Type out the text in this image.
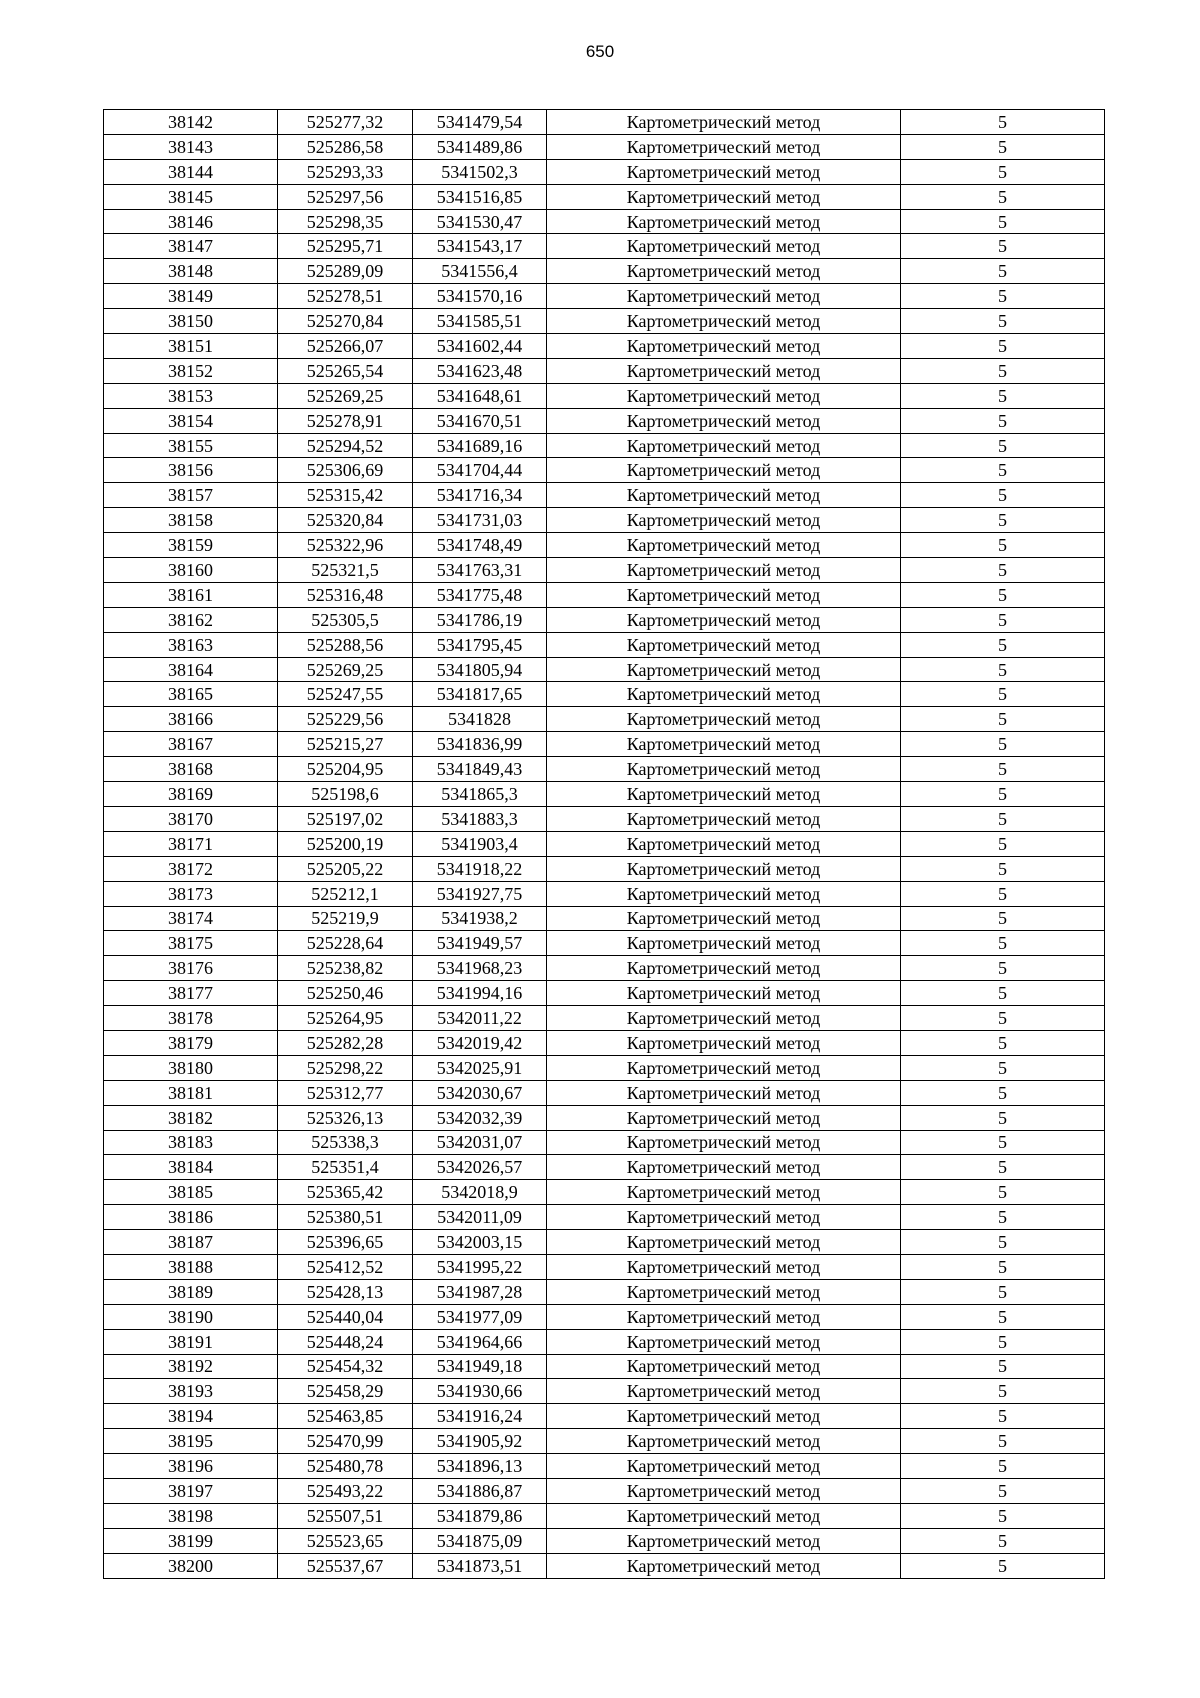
650
38142	525277,32	5341479,54	Картометрический метод	5
38143	525286,58	5341489,86	Картометрический метод	5
38144	525293,33	5341502,3	Картометрический метод	5
38145	525297,56	5341516,85	Картометрический метод	5
38146	525298,35	5341530,47	Картометрический метод	5
38147	525295,71	5341543,17	Картометрический метод	5
38148	525289,09	5341556,4	Картометрический метод	5
38149	525278,51	5341570,16	Картометрический метод	5
38150	525270,84	5341585,51	Картометрический метод	5
38151	525266,07	5341602,44	Картометрический метод	5
38152	525265,54	5341623,48	Картометрический метод	5
38153	525269,25	5341648,61	Картометрический метод	5
38154	525278,91	5341670,51	Картометрический метод	5
38155	525294,52	5341689,16	Картометрический метод	5
38156	525306,69	5341704,44	Картометрический метод	5
38157	525315,42	5341716,34	Картометрический метод	5
38158	525320,84	5341731,03	Картометрический метод	5
38159	525322,96	5341748,49	Картометрический метод	5
38160	525321,5	5341763,31	Картометрический метод	5
38161	525316,48	5341775,48	Картометрический метод	5
38162	525305,5	5341786,19	Картометрический метод	5
38163	525288,56	5341795,45	Картометрический метод	5
38164	525269,25	5341805,94	Картометрический метод	5
38165	525247,55	5341817,65	Картометрический метод	5
38166	525229,56	5341828	Картометрический метод	5
38167	525215,27	5341836,99	Картометрический метод	5
38168	525204,95	5341849,43	Картометрический метод	5
38169	525198,6	5341865,3	Картометрический метод	5
38170	525197,02	5341883,3	Картометрический метод	5
38171	525200,19	5341903,4	Картометрический метод	5
38172	525205,22	5341918,22	Картометрический метод	5
38173	525212,1	5341927,75	Картометрический метод	5
38174	525219,9	5341938,2	Картометрический метод	5
38175	525228,64	5341949,57	Картометрический метод	5
38176	525238,82	5341968,23	Картометрический метод	5
38177	525250,46	5341994,16	Картометрический метод	5
38178	525264,95	5342011,22	Картометрический метод	5
38179	525282,28	5342019,42	Картометрический метод	5
38180	525298,22	5342025,91	Картометрический метод	5
38181	525312,77	5342030,67	Картометрический метод	5
38182	525326,13	5342032,39	Картометрический метод	5
38183	525338,3	5342031,07	Картометрический метод	5
38184	525351,4	5342026,57	Картометрический метод	5
38185	525365,42	5342018,9	Картометрический метод	5
38186	525380,51	5342011,09	Картометрический метод	5
38187	525396,65	5342003,15	Картометрический метод	5
38188	525412,52	5341995,22	Картометрический метод	5
38189	525428,13	5341987,28	Картометрический метод	5
38190	525440,04	5341977,09	Картометрический метод	5
38191	525448,24	5341964,66	Картометрический метод	5
38192	525454,32	5341949,18	Картометрический метод	5
38193	525458,29	5341930,66	Картометрический метод	5
38194	525463,85	5341916,24	Картометрический метод	5
38195	525470,99	5341905,92	Картометрический метод	5
38196	525480,78	5341896,13	Картометрический метод	5
38197	525493,22	5341886,87	Картометрический метод	5
38198	525507,51	5341879,86	Картометрический метод	5
38199	525523,65	5341875,09	Картометрический метод	5
38200	525537,67	5341873,51	Картометрический метод	5
